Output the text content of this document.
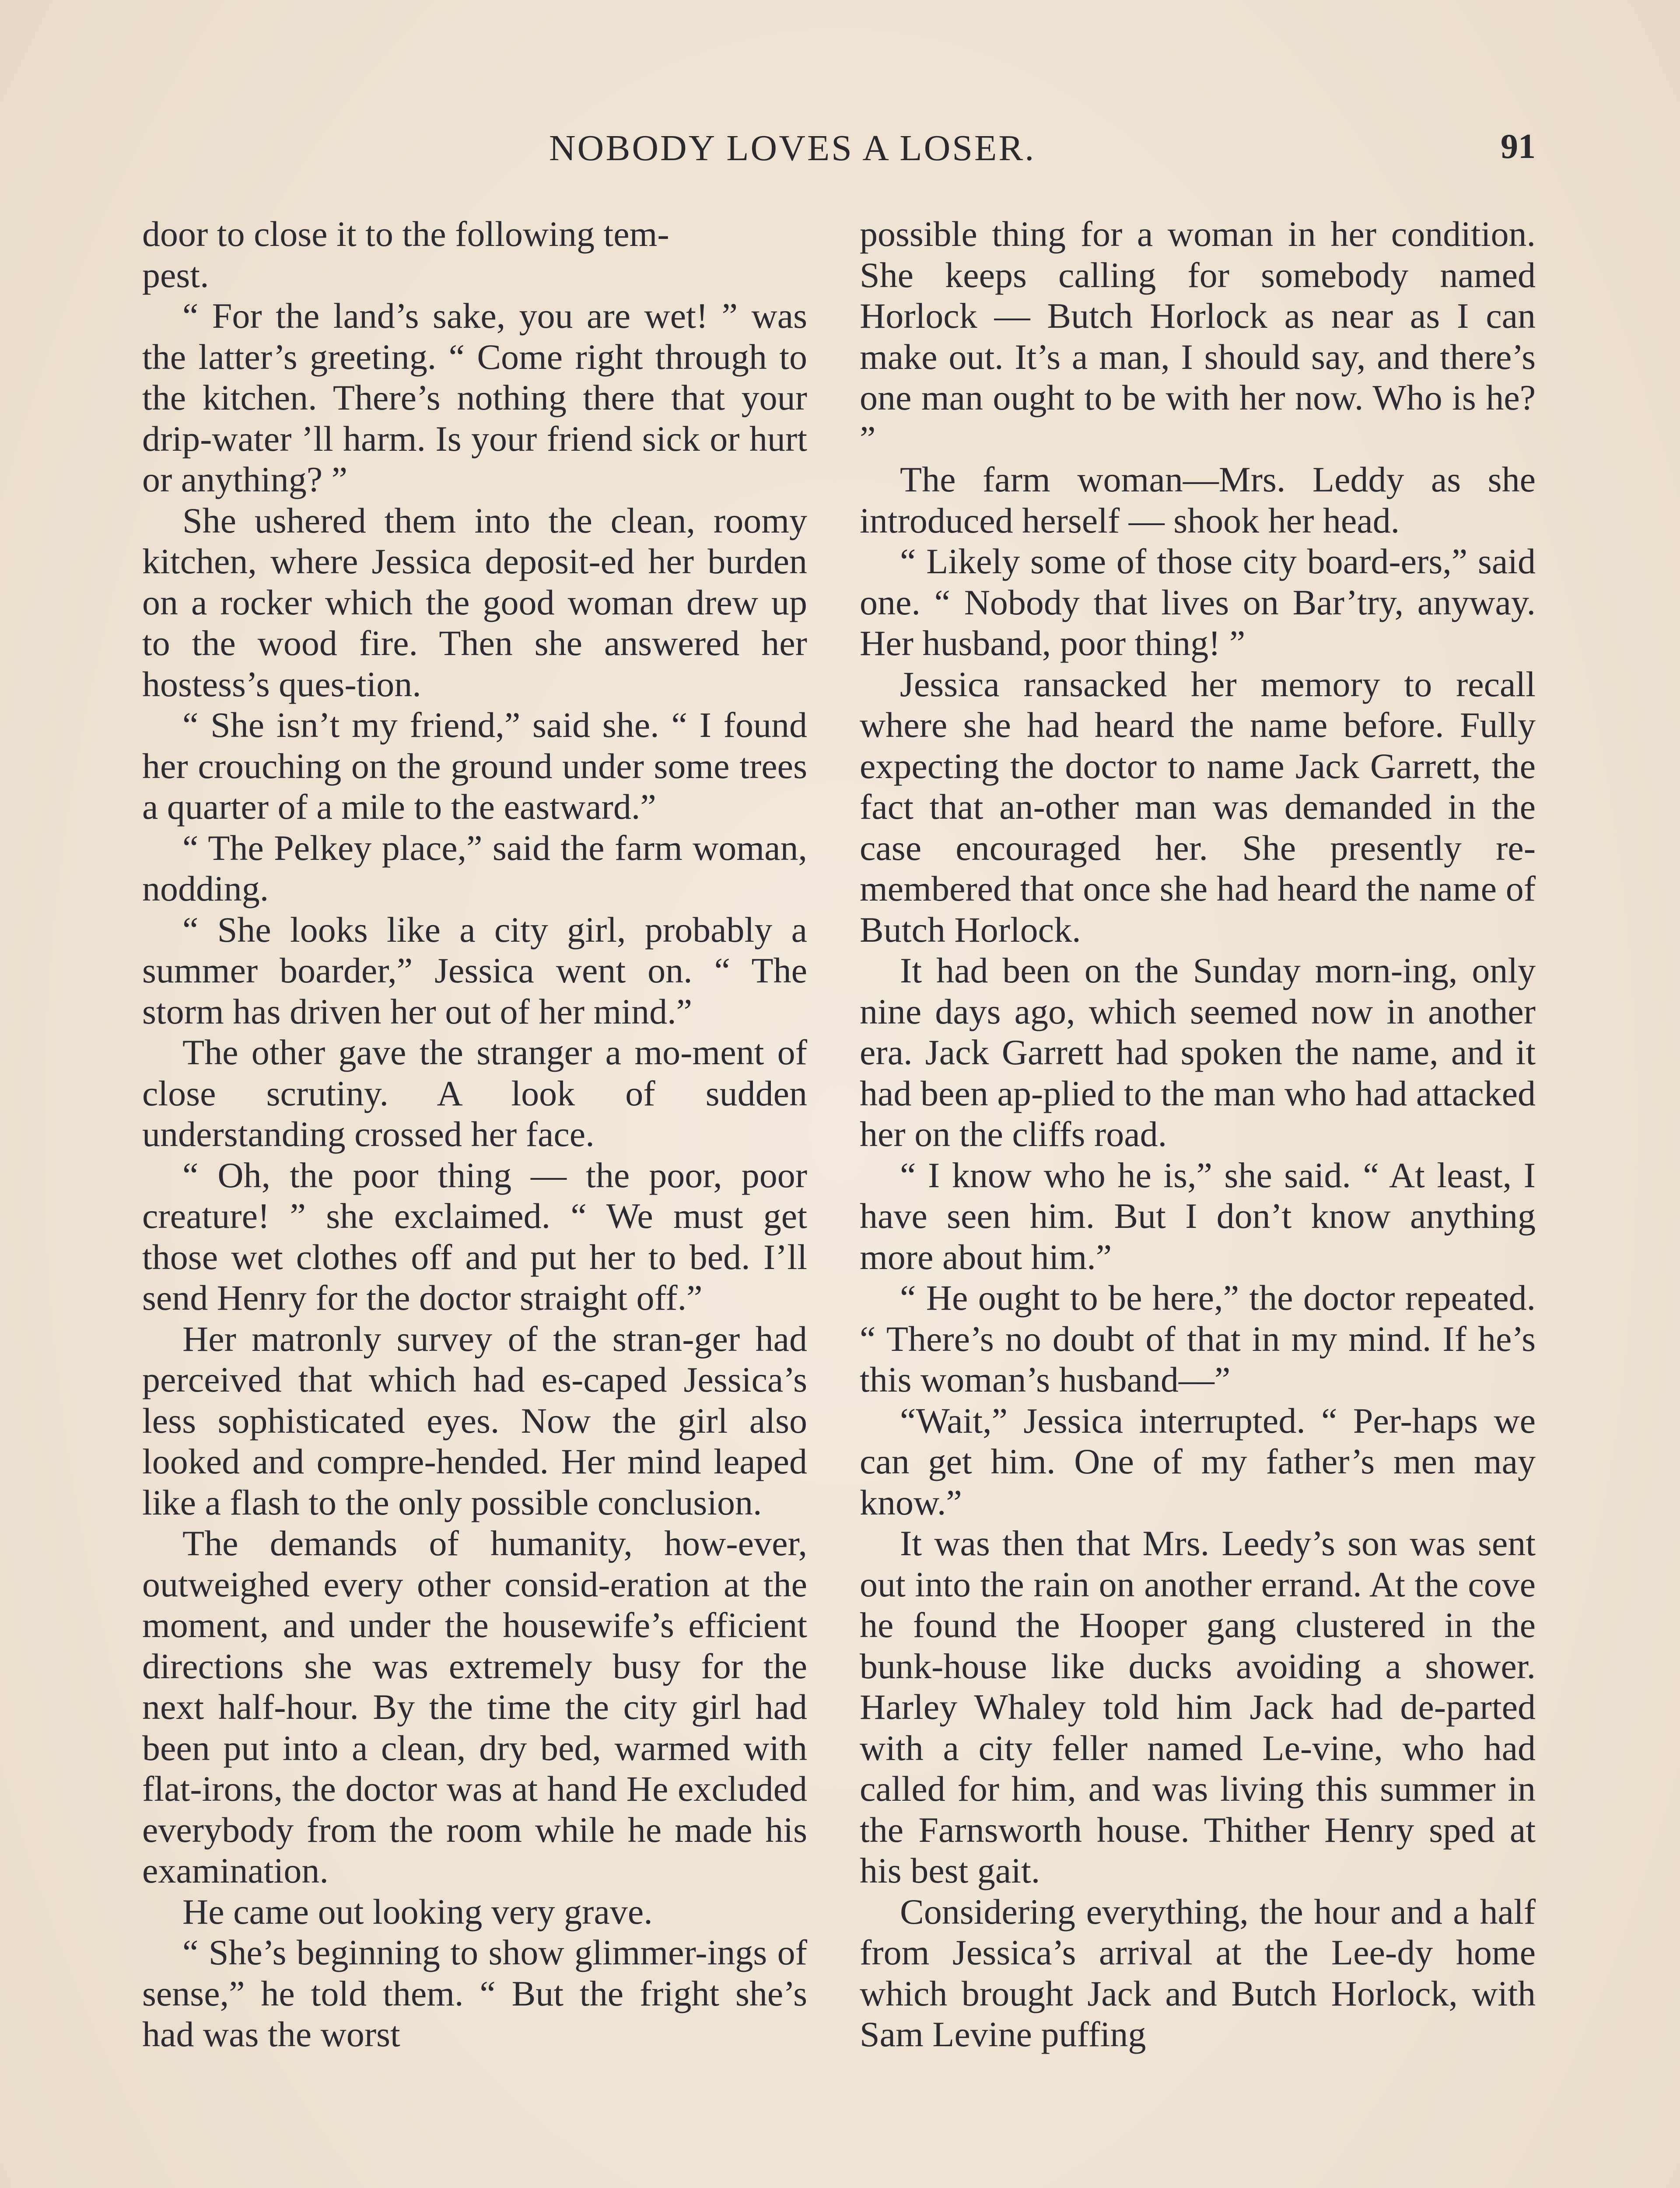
NOBODY LOVES A LOSER.	91

door to close it to the following tem-
pest.

“ For the land’s sake, you are wet! ” was the latter’s greeting. “ Come right through to the kitchen. There’s nothing there that your drip-water ’ll harm. Is your friend sick or hurt or anything? ”

She ushered them into the clean, roomy kitchen, where Jessica deposit-ed her burden on a rocker which the good woman drew up to the wood fire. Then she answered her hostess’s ques-tion.

“ She isn’t my friend,” said she. “ I found her crouching on the ground under some trees a quarter of a mile to the eastward.”

“ The Pelkey place,” said the farm woman, nodding.

“ She looks like a city girl, probably a summer boarder,” Jessica went on. “ The storm has driven her out of her mind.”

The other gave the stranger a mo-ment of close scrutiny. A look of sudden understanding crossed her face.

“ Oh, the poor thing — the poor, poor creature! ” she exclaimed. “ We must get those wet clothes off and put her to bed. I’ll send Henry for the doctor straight off.”

Her matronly survey of the stran-ger had perceived that which had es-caped Jessica’s less sophisticated eyes. Now the girl also looked and compre-hended. Her mind leaped like a flash to the only possible conclusion.

The demands of humanity, how-ever, outweighed every other consid-eration at the moment, and under the housewife’s efficient directions she was extremely busy for the next half-hour. By the time the city girl had been put into a clean, dry bed, warmed with flat-irons, the doctor was at hand He excluded everybody from the room while he made his examination.

He came out looking very grave.

“ She’s beginning to show glimmer-ings of sense,” he told them. “ But the fright she’s had was the worst

possible thing for a woman in her condition. She keeps calling for somebody named Horlock — Butch Horlock as near as I can make out. It’s a man, I should say, and there’s one man ought to be with her now. Who is he? ”

The farm woman—Mrs. Leddy as she introduced herself — shook her head.

“ Likely some of those city board-ers,” said one. “ Nobody that lives on Bar’try, anyway. Her husband, poor thing! ”

Jessica ransacked her memory to recall where she had heard the name before. Fully expecting the doctor to name Jack Garrett, the fact that an-other man was demanded in the case encouraged her. She presently re-membered that once she had heard the name of Butch Horlock.

It had been on the Sunday morn-ing, only nine days ago, which seemed now in another era. Jack Garrett had spoken the name, and it had been ap-plied to the man who had attacked her on the cliffs road.

“ I know who he is,” she said. “ At least, I have seen him. But I don’t know anything more about him.”

“ He ought to be here,” the doctor repeated. “ There’s no doubt of that in my mind. If he’s this woman’s husband—”

“Wait,” Jessica interrupted. “ Per-haps we can get him. One of my father’s men may know.”

It was then that Mrs. Leedy’s son was sent out into the rain on another errand. At the cove he found the Hooper gang clustered in the bunk-house like ducks avoiding a shower. Harley Whaley told him Jack had de-parted with a city feller named Le-vine, who had called for him, and was living this summer in the Farnsworth house. Thither Henry sped at his best gait.

Considering everything, the hour and a half from Jessica’s arrival at the Lee-dy home which brought Jack and Butch Horlock, with Sam Levine puffing
